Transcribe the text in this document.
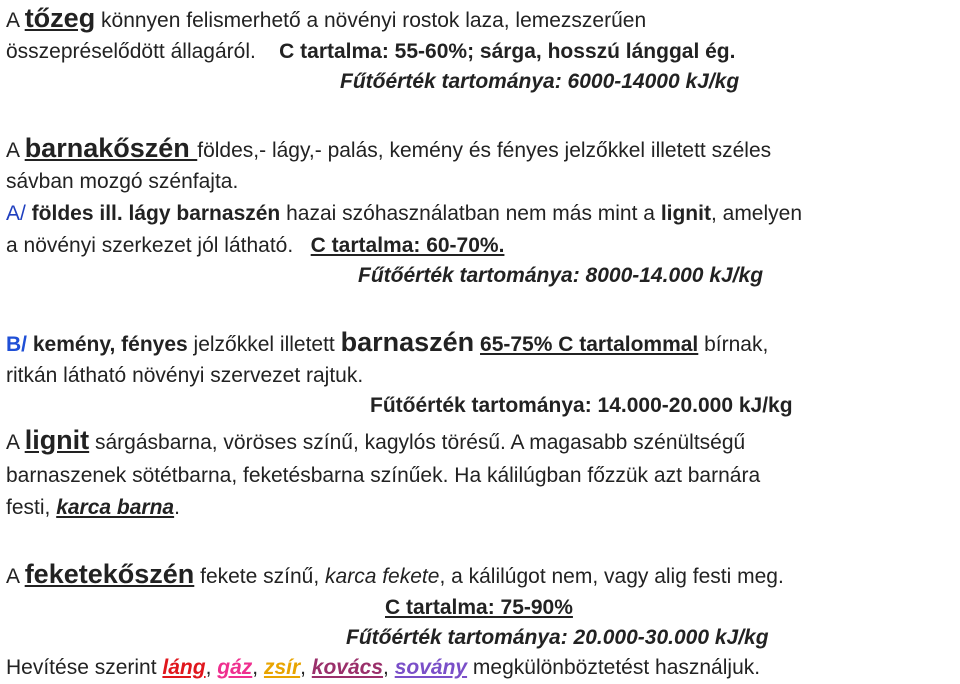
A tőzeg könnyen felismerhető a növényi rostok laza, lemezszerűen
összepréselődött állagáról.    C tartalma: 55-60%; sárga, hosszú lánggal ég.
Fűtőérték tartománya: 6000-14000 kJ/kg
A barnakőszén földes,- lágy,- palás, kemény és fényes jelzőkkel illetett széles
sávban mozgó szénfajta.
A/ földes ill. lágy barnaszén hazai szóhasználatban nem más mint a lignit, amelyen
a növényi szerkezet jól látható.   C tartalma: 60-70%.
Fűtőérték tartománya: 8000-14.000 kJ/kg
B/ kemény, fényes jelzőkkel illetett barnaszén 65-75% C tartalommal bírnak,
ritkán látható növényi szervezet rajtuk.
Fűtőérték tartománya: 14.000-20.000 kJ/kg
A lignit sárgásbarna, vöröses színű, kagylós törésű. A magasabb szénültségű
barnaszenek sötétbarna, feketésbarna színűek. Ha kálilúgban főzzük azt barnára
festi, karca barna.
A feketekőszén fekete színű, karca fekete, a kálilúgot nem, vagy alig festi meg.
C tartalma: 75-90%
Fűtőérték tartománya: 20.000-30.000 kJ/kg
Hevítése szerint láng, gáz, zsír, kovács, sovány megkülönböztetést használjuk.
